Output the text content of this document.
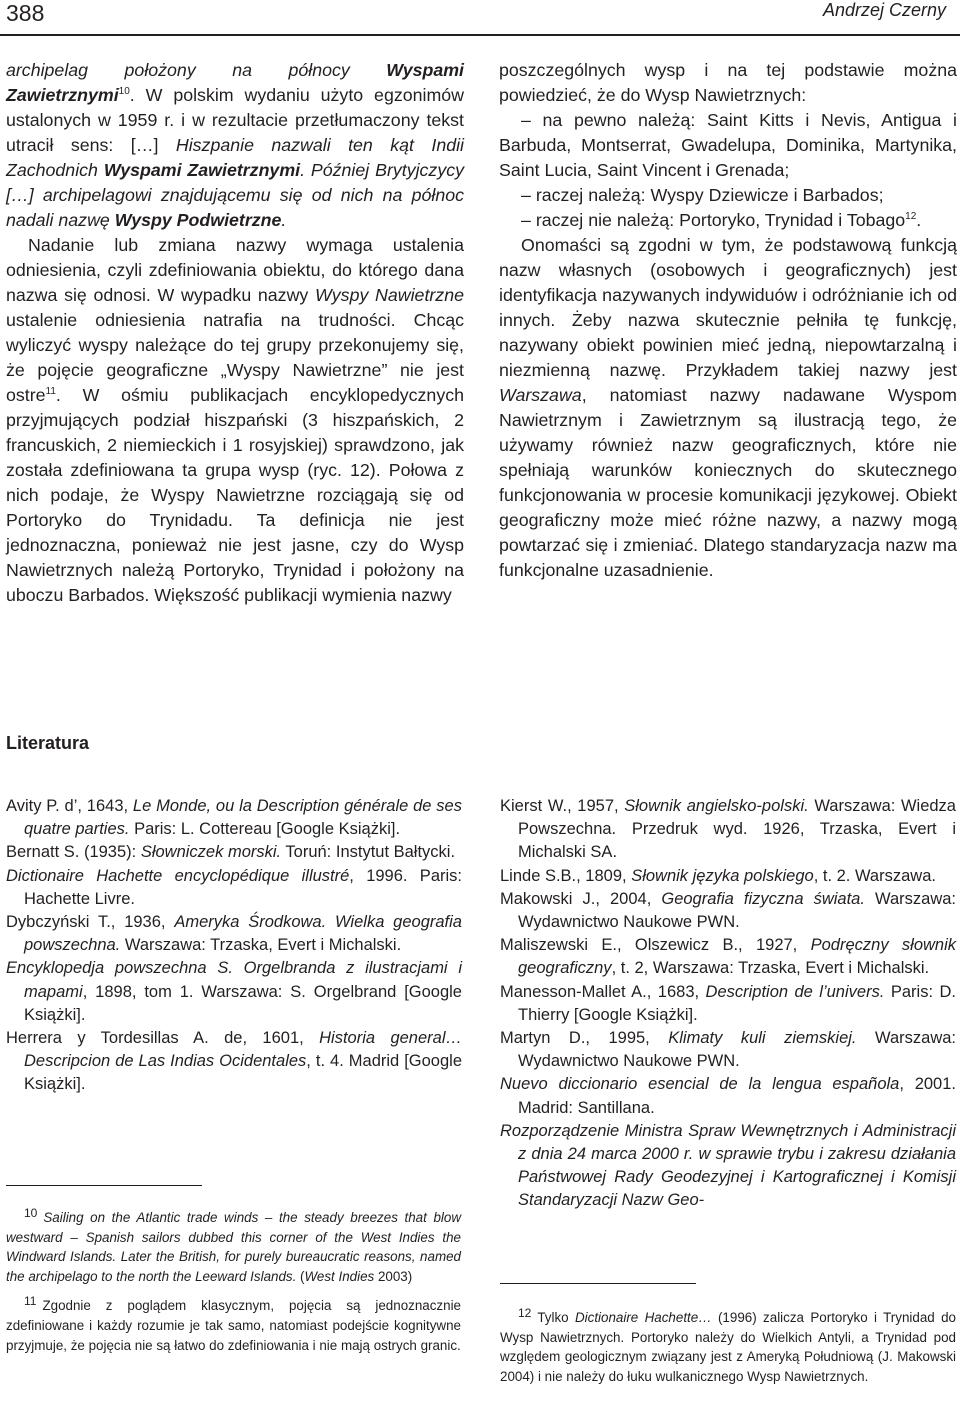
388	Andrzej Czerny

archipelag położony na północy Wyspami Zawietrznymi$^{10}$. W polskim wydaniu użyto egzonimów ustalonych w 1959 r. i w rezultacie przetłumaczony tekst utracił sens: […] Hiszpanie nazwali ten kąt Indii Zachodnich Wyspami Zawietrznymi. Później Brytyjczycy […] archipelagowi znajdującemu się od nich na północ nadali nazwę Wyspy Podwietrzne.

Nadanie lub zmiana nazwy wymaga ustalenia odniesienia, czyli zdefiniowania obiektu, do którego dana nazwa się odnosi. W wypadku nazwy Wyspy Nawietrzne ustalenie odniesienia natrafia na trudności. Chcąc wyliczyć wyspy należące do tej grupy przekonujemy się, że pojęcie geograficzne „Wyspy Nawietrzne” nie jest ostre$^{11}$. W ośmiu publikacjach encyklopedycznych przyjmujących podział hiszpański (3 hiszpańskich, 2 francuskich, 2 niemieckich i 1 rosyjskiej) sprawdzono, jak została zdefiniowana ta grupa wysp (ryc. 12). Połowa z nich podaje, że Wyspy Nawietrzne rozciągają się od Portoryko do Trynidadu. Ta definicja nie jest jednoznaczna, ponieważ nie jest jasne, czy do Wysp Nawietrznych należą Portoryko, Trynidad i położony na uboczu Barbados. Większość publikacji wymienia nazwy

poszczególnych wysp i na tej podstawie można powiedzieć, że do Wysp Nawietrznych:

– na pewno należą: Saint Kitts i Nevis, Antigua i Barbuda, Montserrat, Gwadelupa, Dominika, Martynika, Saint Lucia, Saint Vincent i Grenada;
– raczej należą: Wyspy Dziewicze i Barbados;
– raczej nie należą: Portoryko, Trynidad i Tobago$^{12}$.

Onomaści są zgodni w tym, że podstawową funkcją nazw własnych (osobowych i geograficznych) jest identyfikacja nazywanych indywiduów i odróżnianie ich od innych. Żeby nazwa skutecznie pełniła tę funkcję, nazywany obiekt powinien mieć jedną, niepowtarzalną i niezmienną nazwę. Przykładem takiej nazwy jest Warszawa, natomiast nazwy nadawane Wyspom Nawietrznym i Zawietrznym są ilustracją tego, że używamy również nazw geograficznych, które nie spełniają warunków koniecznych do skutecznego funkcjonowania w procesie komunikacji językowej. Obiekt geograficzny może mieć różne nazwy, a nazwy mogą powtarzać się i zmieniać. Dlatego standaryzacja nazw ma funkcjonalne uzasadnienie.

Literatura

Avity P. d’, 1643, Le Monde, ou la Description générale de ses quatre parties. Paris: L. Cottereau [Google Książki].

Bernatt S. (1935): Słowniczek morski. Toruń: Instytut Bałtycki.

Dictionaire Hachette encyclopédique illustré, 1996. Paris: Hachette Livre.

Dybczyński T., 1936, Ameryka Środkowa. Wielka geografia powszechna. Warszawa: Trzaska, Evert i Michalski.

Encyklopedja powszechna S. Orgelbranda z ilustracjami i mapami, 1898, tom 1. Warszawa: S. Orgelbrand [Google Książki].

Herrera y Tordesillas A. de, 1601, Historia general… Descripcion de Las Indias Ocidentales, t. 4. Madrid [Google Książki].

Kierst W., 1957, Słownik angielsko-polski. Warszawa: Wiedza Powszechna. Przedruk wyd. 1926, Trzaska, Evert i Michalski SA.

Linde S.B., 1809, Słownik języka polskiego, t. 2. Warszawa.

Makowski J., 2004, Geografia fizyczna świata. Warszawa: Wydawnictwo Naukowe PWN.

Maliszewski E., Olszewicz B., 1927, Podręczny słownik geograficzny, t. 2, Warszawa: Trzaska, Evert i Michalski.

Manesson-Mallet A., 1683, Description de l’univers. Paris: D. Thierry [Google Książki].

Martyn D., 1995, Klimaty kuli ziemskiej. Warszawa: Wydawnictwo Naukowe PWN.

Nuevo diccionario esencial de la lengua española, 2001. Madrid: Santillana.

Rozporządzenie Ministra Spraw Wewnętrznych i Administracji z dnia 24 marca 2000 r. w sprawie trybu i zakresu działania Państwowej Rady Geodezyjnej i Kartograficznej i Komisji Standaryzacji Nazw Geo-

10 Sailing on the Atlantic trade winds – the steady breezes that blow westward – Spanish sailors dubbed this corner of the West Indies the Windward Islands. Later the British, for purely bureaucratic reasons, named the archipelago to the north the Leeward Islands. (West Indies 2003)

11 Zgodnie z poglądem klasycznym, pojęcia są jednoznacznie zdefiniowane i każdy rozumie je tak samo, natomiast podejście kognitywne przyjmuje, że pojęcia nie są łatwo do zdefiniowania i nie mają ostrych granic.

12 Tylko Dictionaire Hachette… (1996) zalicza Portoryko i Trynidad do Wysp Nawietrznych. Portoryko należy do Wielkich Antyli, a Trynidad pod względem geologicznym związany jest z Ameryką Południową (J. Makowski 2004) i nie należy do łuku wulkanicznego Wysp Nawietrznych.
